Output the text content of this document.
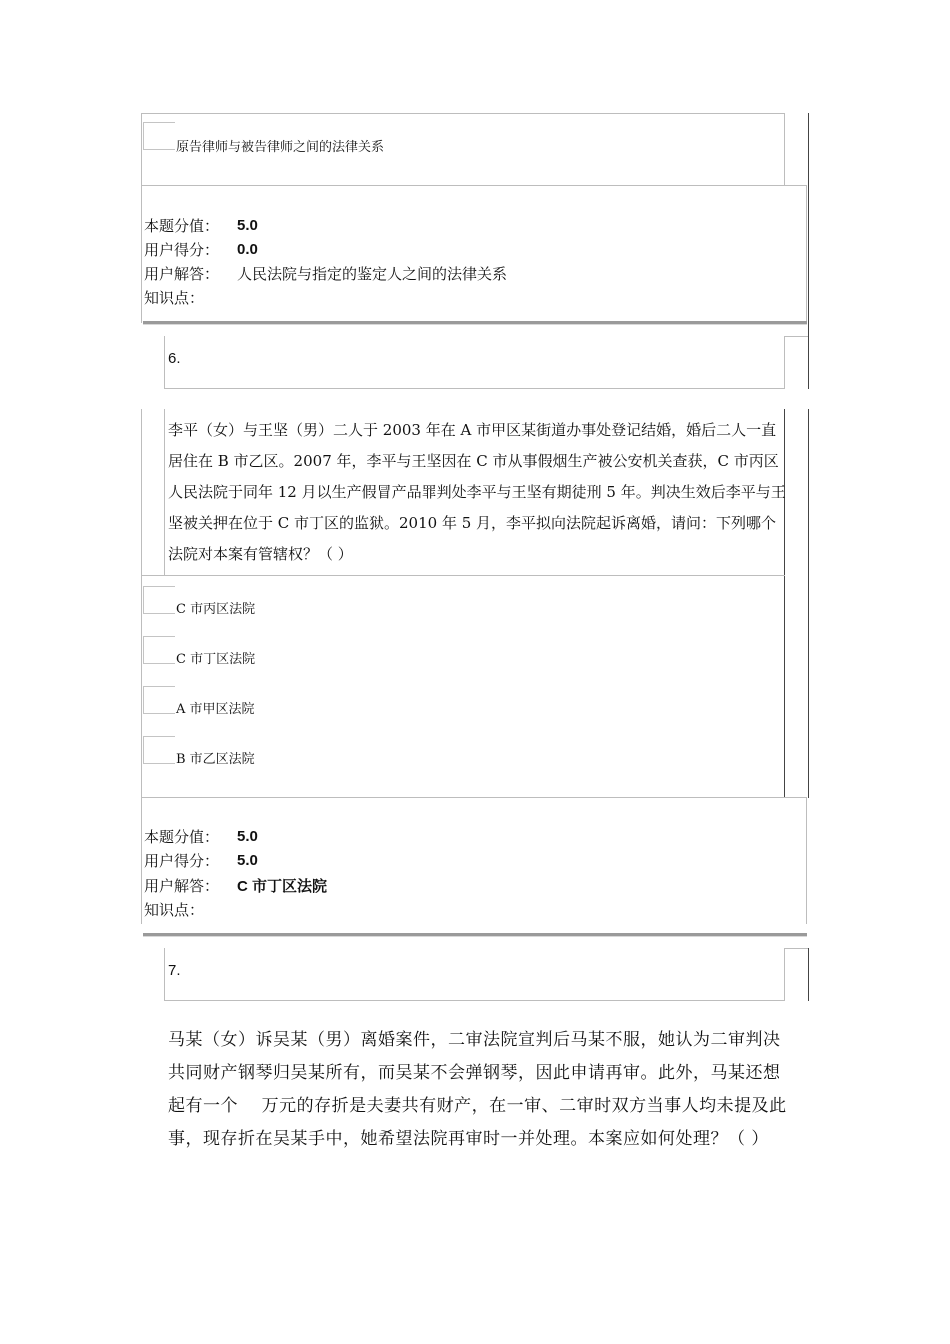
原告律师与被告律师之间的法律关系
本题分值： 5.0
用户得分： 0.0
用户解答： 人民法院与指定的鉴定人之间的法律关系
知识点：
6.
李平（女）与王坚（男）二人于 2003 年在 A 市甲区某街道办事处登记结婚，婚后二人一直居住在 B 市乙区。2007 年，李平与王坚因在 C 市从事假烟生产被公安机关查获，C 市丙区人民法院于同年 12 月以生产假冒产品罪判处李平与王坚有期徒刑 5 年。判决生效后李平与王坚被关押在位于 C 市丁区的监狱。2010 年 5 月，李平拟向法院起诉离婚，请问：下列哪个法院对本案有管辖权？（ ）
C 市丙区法院
C 市丁区法院
A 市甲区法院
B 市乙区法院
本题分值： 5.0
用户得分： 5.0
用户解答： C 市丁区法院
知识点：
7.
马某（女）诉吴某（男）离婚案件，二审法院宣判后马某不服，她认为二审判决共同财产钢琴归吴某所有，而吴某不会弹钢琴，因此申请再审。此外，马某还想起有一个    万元的存折是夫妻共有财产，在一审、二审时双方当事人均未提及此事，现存折在吴某手中，她希望法院再审时一并处理。本案应如何处理？（ ）
